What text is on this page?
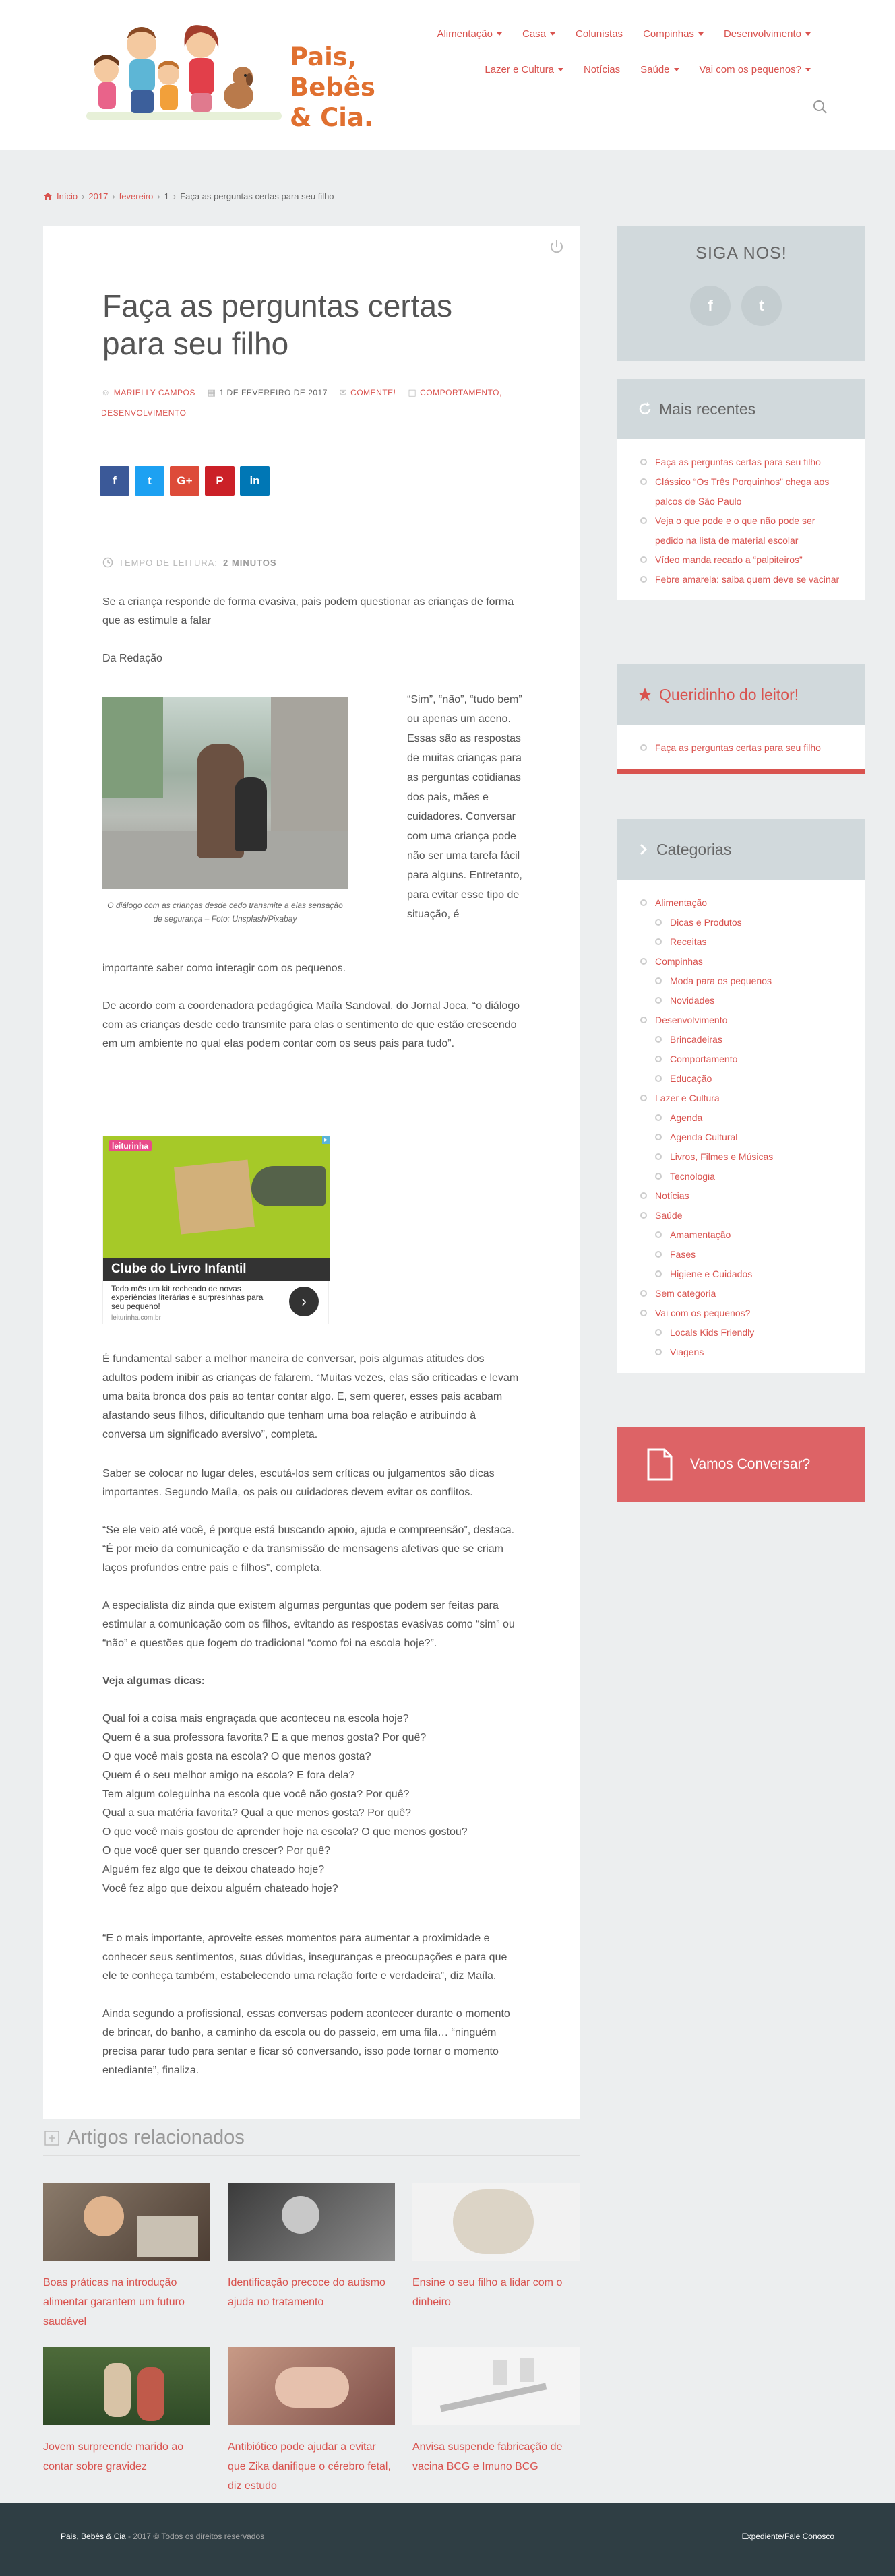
Pais,
Bebês
& Cia.
Alimentação	Casa	Colunistas Compinhas	Desenvolvimento
Lazer e Cultura	Notícias Saúde	Vai com os pequenos?
Início › 2017 › fevereiro › 1 › Faça as perguntas certas para seu filho
Faça as perguntas certas para seu filho
☺ MARIELLY CAMPOS
▦ 1 DE FEVEREIRO DE 2017
✉ COMENTE!
◫ COMPORTAMENTO,

DESENVOLVIMENTO
f	t G+ P in
TEMPO DE LEITURA: 2 MINUTOS

Se a criança responde de forma evasiva, pais podem questionar as crianças de forma que as estimule a falar

Da Redação

O diálogo com as crianças desde cedo transmite a elas sensação de segurança – Foto: Unsplash/Pixabay

“Sim”, “não”, “tudo bem” ou apenas um aceno. Essas são as respostas de muitas crianças para as perguntas cotidianas dos pais, mães e cuidadores. Conversar com uma criança pode não ser uma tarefa fácil para alguns. Entretanto, para evitar esse tipo de situação, é

importante saber como interagir com os pequenos.

De acordo com a coordenadora pedagógica Maíla Sandoval, do Jornal Joca, “o diálogo com as crianças desde cedo transmite para elas o sentimento de que estão crescendo em um ambiente no qual elas podem contar com os seus pais para tudo”.

leiturinha
▸
Clube do Livro Infantil
Todo mês um kit recheado de novas experiências literárias e surpresinhas para seu pequeno!
leiturinha.com.br
›

É fundamental saber a melhor maneira de conversar, pois algumas atitudes dos adultos podem inibir as crianças de falarem. “Muitas vezes, elas são criticadas e levam uma baita bronca dos pais ao tentar contar algo. E, sem querer, esses pais acabam afastando seus filhos, dificultando que tenham uma boa relação e atribuindo à conversa um significado aversivo”, completa.

Saber se colocar no lugar deles, escutá-los sem críticas ou julgamentos são dicas importantes. Segundo Maíla, os pais ou cuidadores devem evitar os conflitos.

“Se ele veio até você, é porque está buscando apoio, ajuda e compreensão”, destaca. “É por meio da comunicação e da transmissão de mensagens afetivas que se criam laços profundos entre pais e filhos”, completa.

A especialista diz ainda que existem algumas perguntas que podem ser feitas para estimular a comunicação com os filhos, evitando as respostas evasivas como “sim” ou “não” e questões que fogem do tradicional “como foi na escola hoje?”.

Veja algumas dicas:

Qual foi a coisa mais engraçada que aconteceu na escola hoje?
Quem é a sua professora favorita? E a que menos gosta? Por quê?
O que você mais gosta na escola? O que menos gosta?
Quem é o seu melhor amigo na escola? E fora dela?
Tem algum coleguinha na escola que você não gosta? Por quê?
Qual a sua matéria favorita? Qual a que menos gosta? Por quê?
O que você mais gostou de aprender hoje na escola? O que menos gostou?
O que você quer ser quando crescer? Por quê?
Alguém fez algo que te deixou chateado hoje?
Você fez algo que deixou alguém chateado hoje?

“E o mais importante, aproveite esses momentos para aumentar a proximidade e conhecer seus sentimentos, suas dúvidas, inseguranças e preocupações e para que ele te conheça também, estabelecendo uma relação forte e verdadeira”, diz Maíla.

Ainda segundo a profissional, essas conversas podem acontecer durante o momento de brincar, do banho, a caminho da escola ou do passeio, em uma fila… “ninguém precisa parar tudo para sentar e ficar só conversando, isso pode tornar o momento entediante”, finaliza.

Artigos relacionados
Boas práticas na introdução alimentar garantem um futuro saudável
Identificação precoce do autismo ajuda no tratamento
Ensine o seu filho a lidar com o dinheiro
Jovem surpreende marido ao contar sobre gravidez
Antibiótico pode ajudar a evitar que Zika danifique o cérebro fetal, diz estudo
Anvisa suspende fabricação de vacina BCG e Imuno BCG
SIGA NOS!
f	t
Mais recentes
Faça as perguntas certas para seu filho
Clássico “Os Três Porquinhos” chega aos palcos de São Paulo
Veja o que pode e o que não pode ser pedido na lista de material escolar
Vídeo manda recado a “palpiteiros”
Febre amarela: saiba quem deve se vacinar
Queridinho do leitor!
Faça as perguntas certas para seu filho
Categorias
Alimentação
Dicas e Produtos
Receitas
Compinhas
Moda para os pequenos
Novidades
Desenvolvimento
Brincadeiras
Comportamento
Educação
Lazer e Cultura
Agenda
Agenda Cultural
Livros, Filmes e Músicas
Tecnologia
Notícias
Saúde
Amamentação
Fases
Higiene e Cuidados
Sem categoria
Vai com os pequenos?
Locals Kids Friendly
Viagens
Vamos Conversar?
Pais, Bebês & Cia - 2017 © Todos os direitos reservados	Expediente/Fale Conosco
